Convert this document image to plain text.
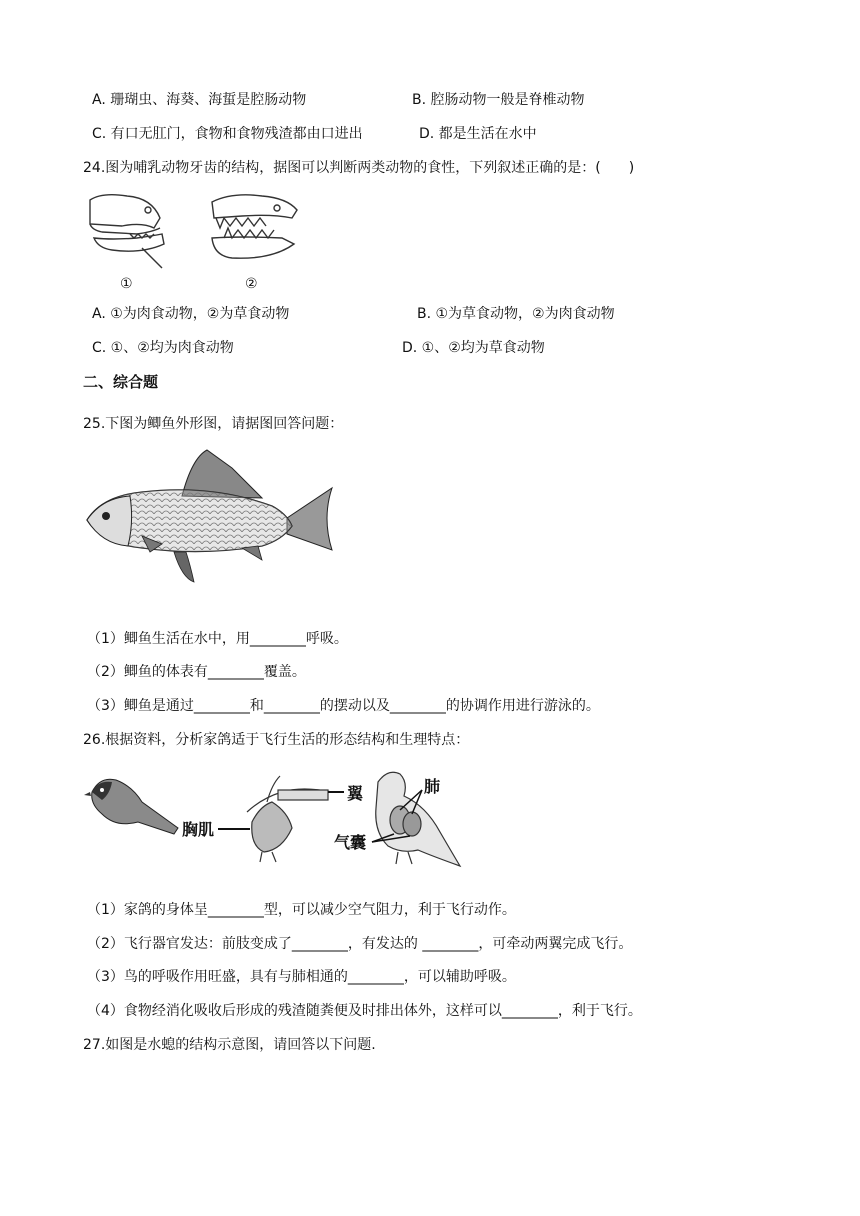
A. 珊瑚虫、海葵、海蜇是腔肠动物	B. 腔肠动物一般是脊椎动物
C. 有口无肛门，食物和食物残渣都由口进出	D. 都是生活在水中
24.图为哺乳动物牙齿的结构，据图可以判断两类动物的食性，下列叙述正确的是：(　　)
①	②
A. ①为肉食动物，②为草食动物	B. ①为草食动物，②为肉食动物
C. ①、②均为肉食动物	D. ①、②均为草食动物
二、综合题
25.下图为鲫鱼外形图，请据图回答问题：
（1）鲫鱼生活在水中，用________呼吸。
（2）鲫鱼的体表有________覆盖。
（3）鲫鱼是通过________和________的摆动以及________的协调作用进行游泳的。
26.根据资料，分析家鸽适于飞行生活的形态结构和生理特点：
翼	肺
胸肌
气囊
（1）家鸽的身体呈________型，可以减少空气阻力，利于飞行动作。
（2）飞行器官发达：前肢变成了________，有发达的 ________，可牵动两翼完成飞行。
（3）鸟的呼吸作用旺盛，具有与肺相通的________，可以辅助呼吸。
（4）食物经消化吸收后形成的残渣随粪便及时排出体外，这样可以________，利于飞行。
27.如图是水螅的结构示意图，请回答以下问题.
